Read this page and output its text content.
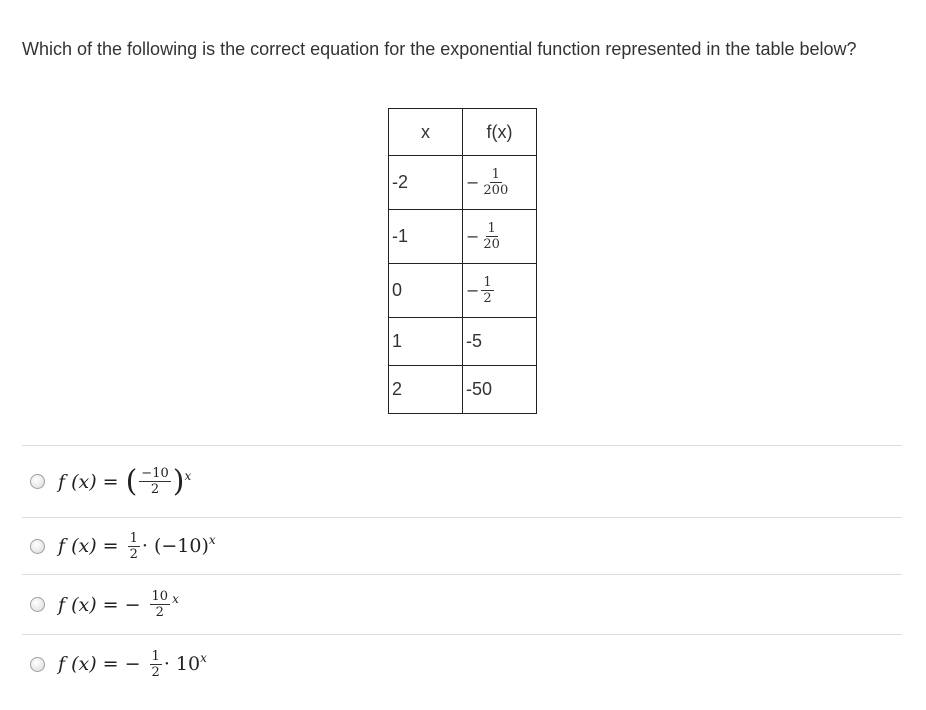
Which of the following is the correct equation for the exponential function represented in the table below?
x	f(x)
-2	− $\frac{1}{200}$

-1	− $\frac{1}{20}$

0	− $\frac{1}{2}$

1	-5
2	-50
f (x) = ( $\frac{-10}{2} )^x$
f $(x) = \frac{1}{2} \cdot (-10)^x$
f (x) = − $\frac{10}{2}^x$
f (x) = − $\frac{1}{2} \cdot 10^x$
